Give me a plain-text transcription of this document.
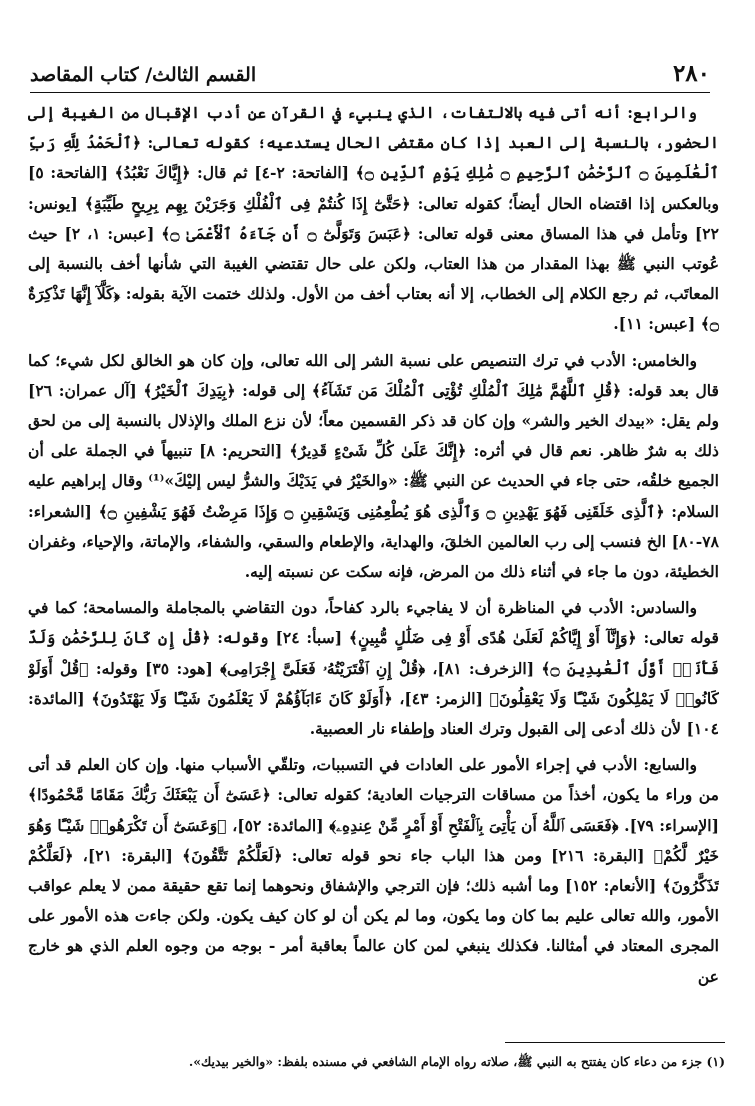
٢٨٠
القسم الثالث/ كتاب المقاصد

والرابع: أنه أتى فيه بالالتفات، الذي ينبيء في القرآن عن أدب الإقبال من الغيبة إلى الحضور، بالنسبة إلى العبد إذا كان مقتضى الحال يستدعيه؛ كقوله تعالى: ﴿ٱلْحَمْدُ لِلَّهِ رَبِّ ٱلْعَٰلَمِينَ ۝ ٱلرَّحْمَٰنِ ٱلرَّحِيمِ ۝ مَٰلِكِ يَوْمِ ٱلدِّينِ ۝﴾ [الفاتحة: ٢-٤] ثم قال: ﴿إِيَّاكَ نَعْبُدُ﴾ [الفاتحة: ٥] وبالعكس إذا اقتضاه الحال أيضاً؛ كقوله تعالى: ﴿حَتَّىٰٓ إِذَا كُنتُمْ فِى ٱلْفُلْكِ وَجَرَيْنَ بِهِم بِرِيحٍ طَيِّبَةٍ﴾ [يونس: ٢٢] وتأمل في هذا المساق معنى قوله تعالى: ﴿عَبَسَ وَتَوَلَّىٰٓ ۝ أَن جَآءَهُ ٱلْأَعْمَىٰ ۝﴾ [عبس: ١، ٢] حيث عُوتب النبي ﷺ بهذا المقدار من هذا العتاب، ولكن على حال تقتضي الغيبة التي شأنها أخف بالنسبة إلى المعاتَب، ثم رجع الكلام إلى الخطاب، إلا أنه بعتاب أخف من الأول. ولذلك ختمت الآية بقوله: ﴿كَلَّآ إِنَّهَا تَذْكِرَةٌ ۝﴾ [عبس: ١١].

والخامس: الأدب في ترك التنصيص على نسبة الشر إلى الله تعالى، وإن كان هو الخالق لكل شيء؛ كما قال بعد قوله: ﴿قُلِ ٱللَّهُمَّ مَٰلِكَ ٱلْمُلْكِ تُؤْتِى ٱلْمُلْكَ مَن تَشَآءُ﴾ إلى قوله: ﴿بِيَدِكَ ٱلْخَيْرُ﴾ [آل عمران: ٢٦] ولم يقل: «بيدك الخير والشر» وإن كان قد ذكر القسمين معاً؛ لأن نزع الملك والإذلال بالنسبة إلى من لحق ذلك به شرٌ ظاهر. نعم قال في أثره: ﴿إِنَّكَ عَلَىٰ كُلِّ شَىْءٍ قَدِيرٌ﴾ [التحريم: ٨] تنبيهاً في الجملة على أن الجميع خلقُه، حتى جاء في الحديث عن النبي ﷺ: «والخَيْرُ في يَدَيْكَ والشرُّ ليس إليْكَ»⁽¹⁾ وقال إبراهيم عليه السلام: ﴿ٱلَّذِى خَلَقَنِى فَهُوَ يَهْدِينِ ۝ وَٱلَّذِى هُوَ يُطْعِمُنِى وَيَسْقِينِ ۝ وَإِذَا مَرِضْتُ فَهُوَ يَشْفِينِ ۝﴾ [الشعراء: ٧٨-٨٠] الخ فنسب إلى رب العالمين الخلقَ، والهداية، والإطعام والسقي، والشفاء، والإماتة، والإحياء، وغفران الخطيئة، دون ما جاء في أثناء ذلك من المرض، فإنه سكت عن نسبته إليه.

والسادس: الأدب في المناظرة أن لا يفاجيء بالرد كفاحاً، دون التقاضي بالمجاملة والمسامحة؛ كما في قوله تعالى: ﴿وَإِنَّآ أَوْ إِيَّاكُمْ لَعَلَىٰ هُدًى أَوْ فِى ضَلَٰلٍ مُّبِينٍ﴾ [سبأ: ٢٤] وقوله: ﴿قُلْ إِن كَانَ لِلرَّحْمَٰنِ وَلَدٌ فَأَنَا۠ أَوَّلُ ٱلْعَٰبِدِينَ ۝﴾ [الزخرف: ٨١]، ﴿قُلْ إِنِ ٱفْتَرَيْتُهُۥ فَعَلَىَّ إِجْرَامِى﴾ [هود: ٣٥] وقوله: ﴿قُلْ أَوَلَوْ كَانُوا۟ لَا يَمْلِكُونَ شَيْـًٔا وَلَا يَعْقِلُونَ﴾ [الزمر: ٤٣]، ﴿أَوَلَوْ كَانَ ءَابَآؤُهُمْ لَا يَعْلَمُونَ شَيْـًٔا وَلَا يَهْتَدُونَ﴾ [المائدة: ١٠٤] لأن ذلك أدعى إلى القبول وترك العناد وإطفاء نار العصبية.

والسابع: الأدب في إجراء الأمور على العادات في التسببات، وتلقّي الأسباب منها. وإن كان العلم قد أتى من وراء ما يكون، أخذاً من مساقات الترجيات العادية؛ كقوله تعالى: ﴿عَسَىٰٓ أَن يَبْعَثَكَ رَبُّكَ مَقَامًا مَّحْمُودًا﴾ [الإسراء: ٧٩]. ﴿فَعَسَى ٱللَّهُ أَن يَأْتِىَ بِٱلْفَتْحِ أَوْ أَمْرٍ مِّنْ عِندِهِۦ﴾ [المائدة: ٥٢]، ﴿وَعَسَىٰٓ أَن تَكْرَهُوا۟ شَيْـًٔا وَهُوَ خَيْرٌ لَّكُمْ﴾ [البقرة: ٢١٦] ومن هذا الباب جاء نحو قوله تعالى: ﴿لَعَلَّكُمْ تَتَّقُونَ﴾ [البقرة: ٢١]، ﴿لَعَلَّكُمْ تَذَكَّرُونَ﴾ [الأنعام: ١٥٢] وما أشبه ذلك؛ فإن الترجي والإشفاق ونحوهما إنما تقع حقيقة ممن لا يعلم عواقب الأمور، والله تعالى عليم بما كان وما يكون، وما لم يكن أن لو كان كيف يكون. ولكن جاءت هذه الأمور على المجرى المعتاد في أمثالنا. فكذلك ينبغي لمن كان عالماً بعاقبة أمر - بوجه من وجوه العلم الذي هو خارج عن

(١) جزء من دعاء كان يفتتح به النبي ﷺ، صلاته رواه الإمام الشافعي في مسنده بلفظ: «والخير بيديك».
